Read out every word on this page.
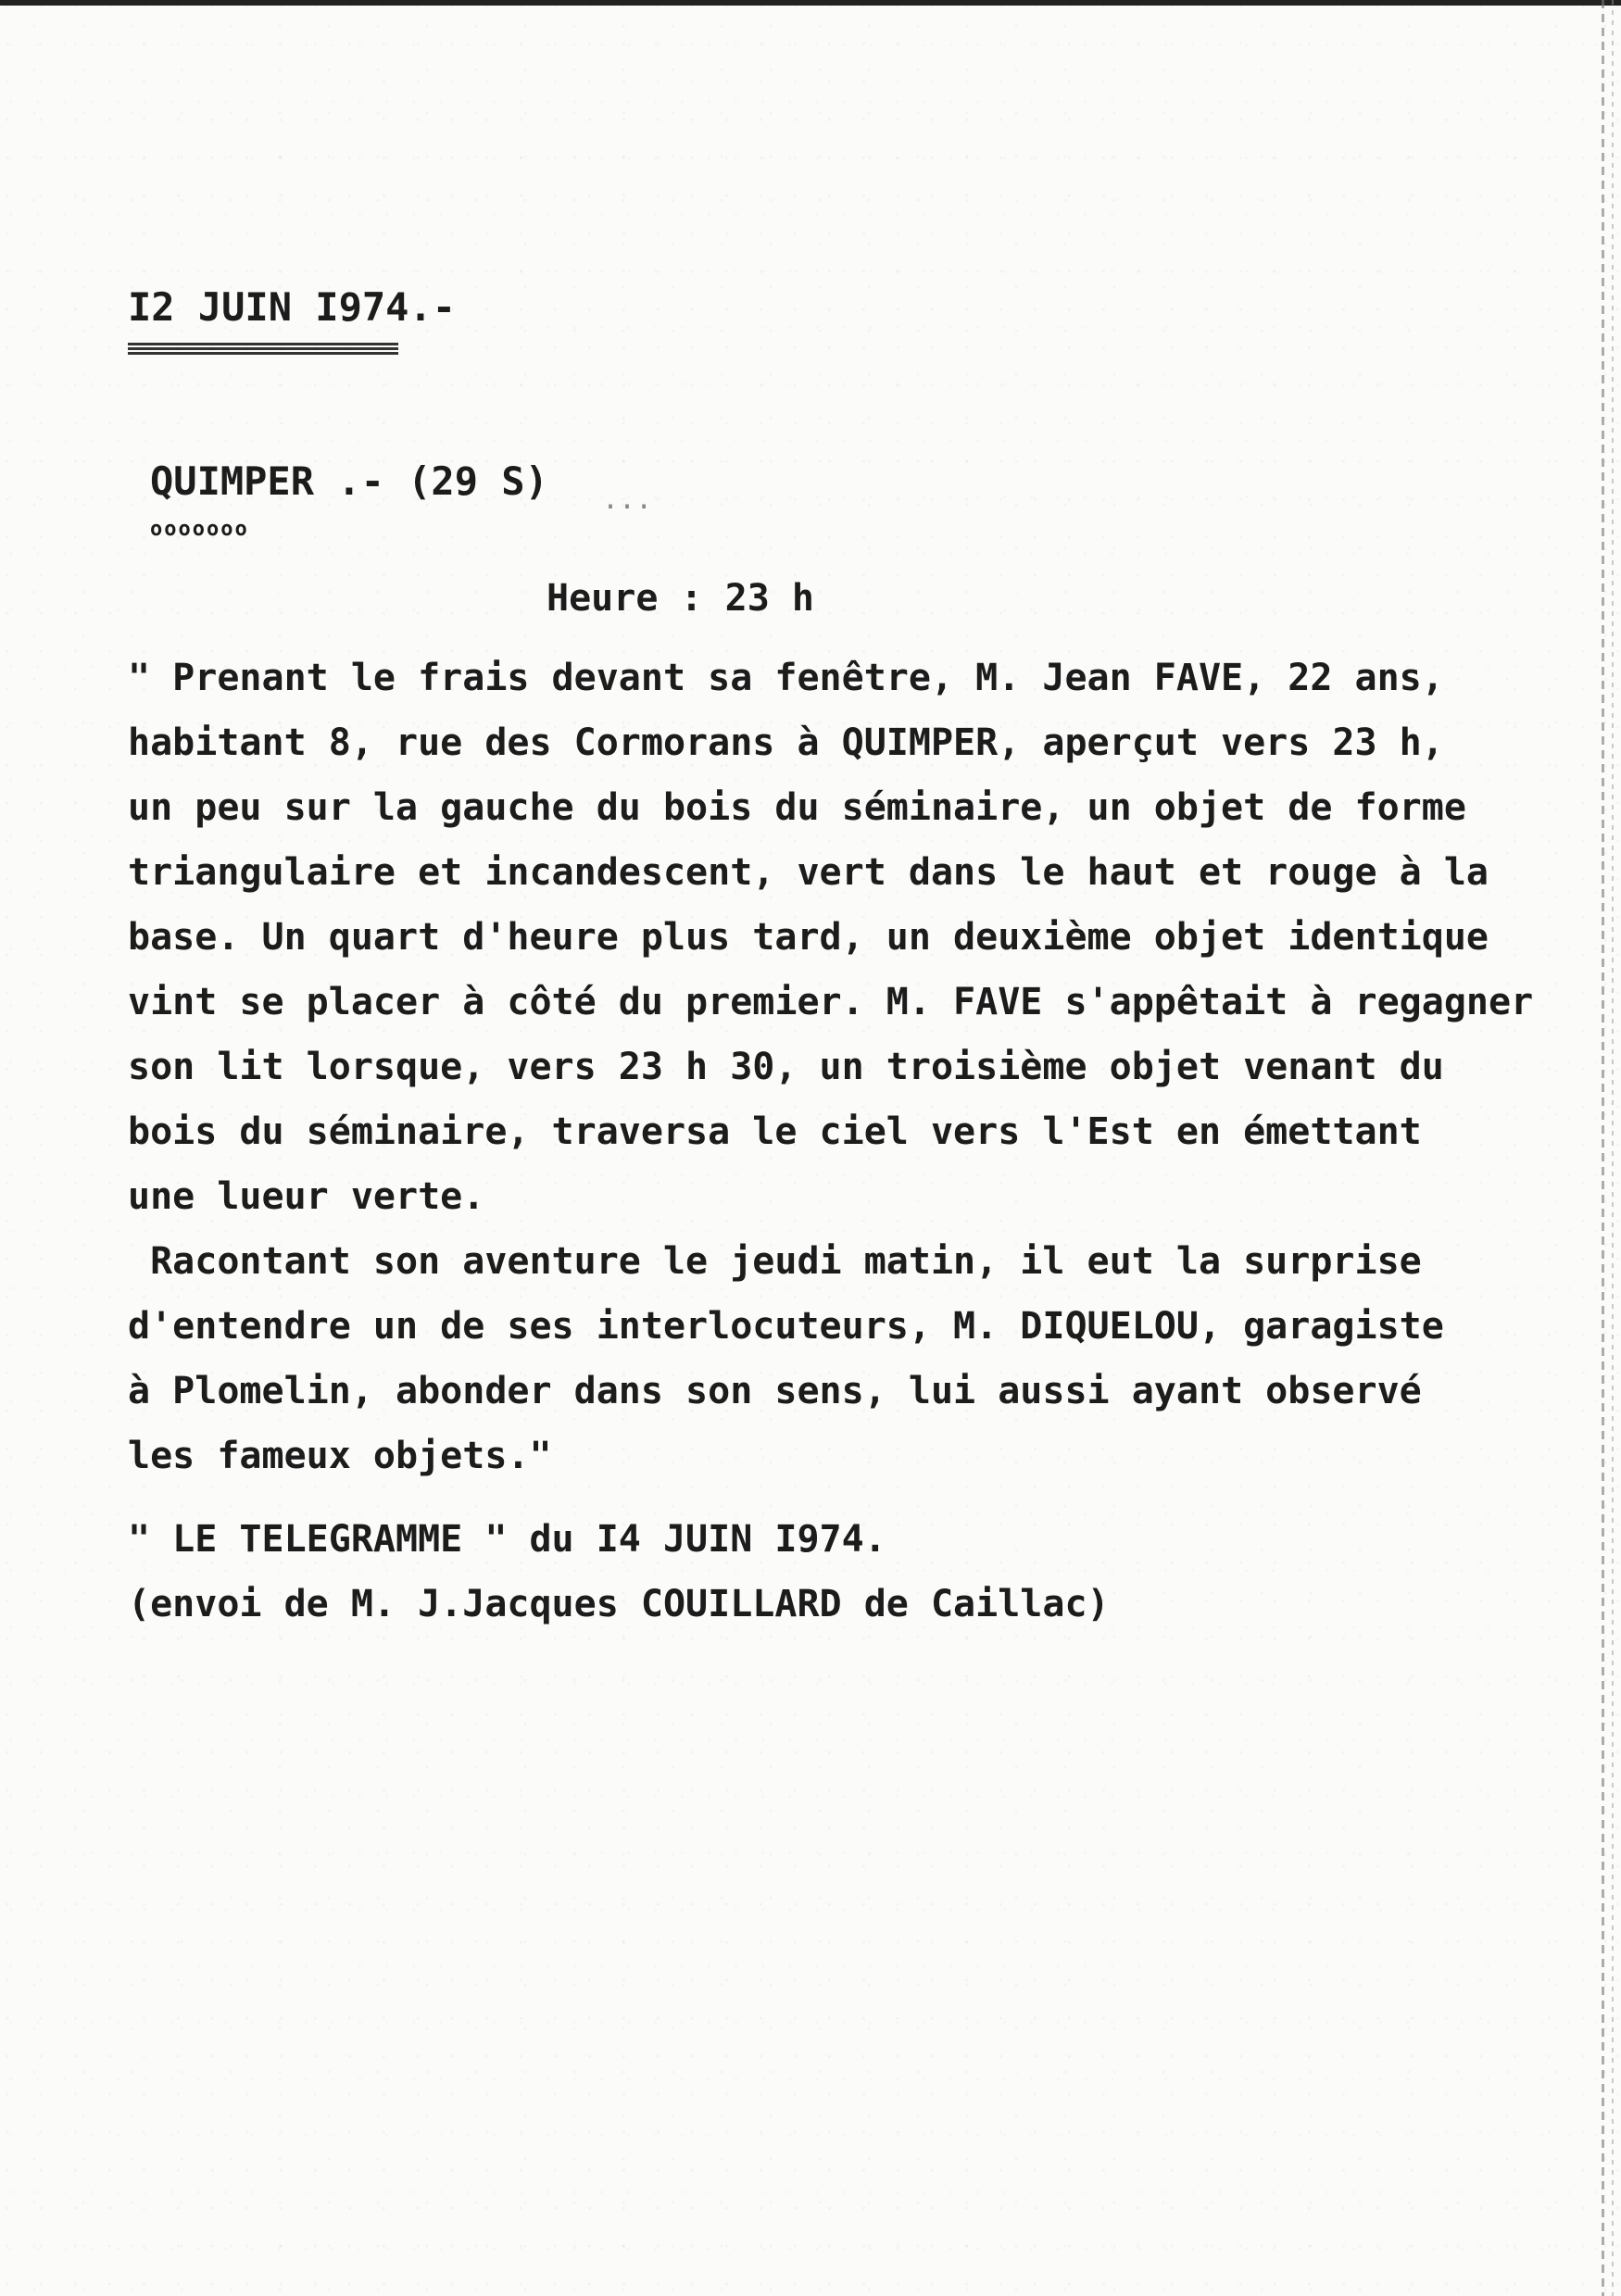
I2 JUIN I974.-
QUIMPER .- (29 S)
ooooooo
...
Heure : 23 h
" Prenant le frais devant sa fenêtre, M. Jean FAVE, 22 ans,
habitant 8, rue des Cormorans à QUIMPER, aperçut vers 23 h,
un peu sur la gauche du bois du séminaire, un objet de forme
triangulaire et incandescent, vert dans le haut et rouge à la
base. Un quart d'heure plus tard, un deuxième objet identique
vint se placer à côté du premier. M. FAVE s'appêtait à regagner
son lit lorsque, vers 23 h 30, un troisième objet venant du
bois du séminaire, traversa le ciel vers l'Est en émettant
une lueur verte.
Racontant son aventure le jeudi matin, il eut la surprise
d'entendre un de ses interlocuteurs, M. DIQUELOU, garagiste
à Plomelin, abonder dans son sens, lui aussi ayant observé
les fameux objets."
" LE TELEGRAMME " du I4 JUIN I974.
(envoi de M. J.Jacques COUILLARD de Caillac)
